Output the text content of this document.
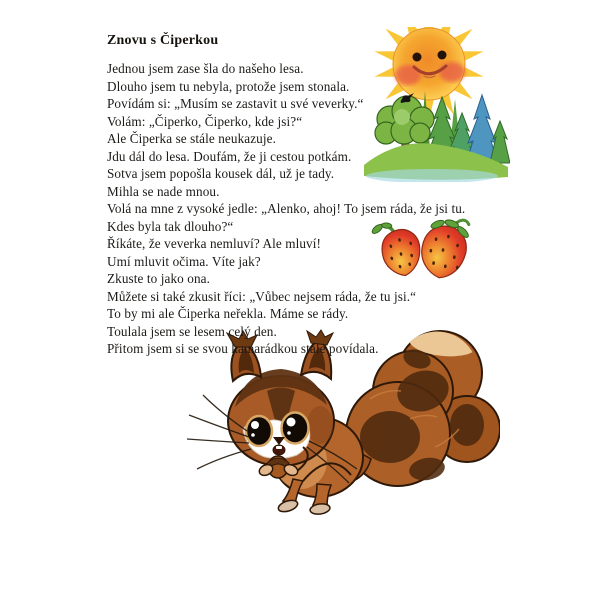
Znovu s Čiperkou
Jednou jsem zase šla do našeho lesa.
Dlouho jsem tu nebyla, protože jsem stonala.
Povídám si: „Musím se zastavit u své veverky.“
Volám: „Čiperko, Čiperko, kde jsi?“
Ale Čiperka se stále neukazuje.
Jdu dál do lesa. Doufám, že ji cestou potkám.
Sotva jsem popošla kousek dál, už je tady.
Mihla se nade mnou.
Volá na mne z vysoké jedle: „Alenko, ahoj! To jsem ráda, že jsi tu.
Kdes byla tak dlouho?“
Říkáte, že veverka nemluví? Ale mluví!
Umí mluvit očima. Víte jak?
Zkuste to jako ona.
Můžete si také zkusit říci: „Vůbec nejsem ráda, že tu jsi.“
To by mi ale Čiperka neřekla. Máme se rády.
Toulala jsem se lesem celý den.
Přitom jsem si se svou kamarádkou stále povídala.
